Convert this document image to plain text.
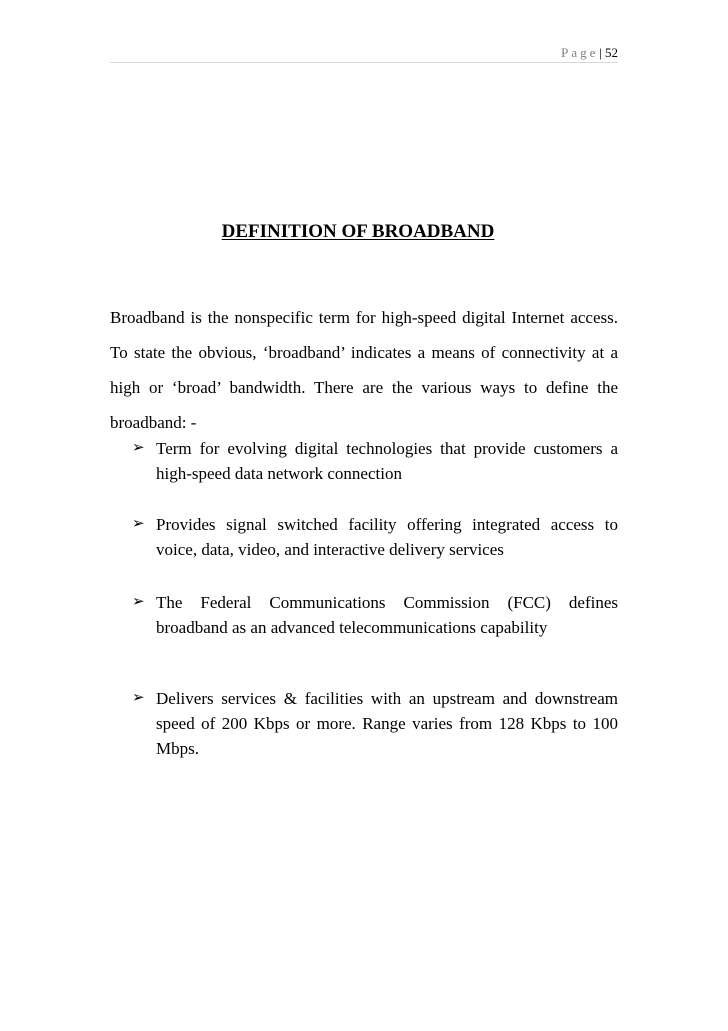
Page| 52
DEFINITION OF BROADBAND
Broadband is the nonspecific term for high-speed digital Internet access. To state the obvious, ‘broadband’ indicates a means of connectivity at a high or ‘broad’ bandwidth. There are the various ways to define the broadband: -
➢ Term for evolving digital technologies that provide customers a high-speed data network connection
➢ Provides signal switched facility offering integrated access to voice, data, video, and interactive delivery services
➢ The Federal Communications Commission (FCC) defines broadband as an advanced telecommunications capability
➢ Delivers services & facilities with an upstream and downstream speed of 200 Kbps or more. Range varies from 128 Kbps to 100 Mbps.
